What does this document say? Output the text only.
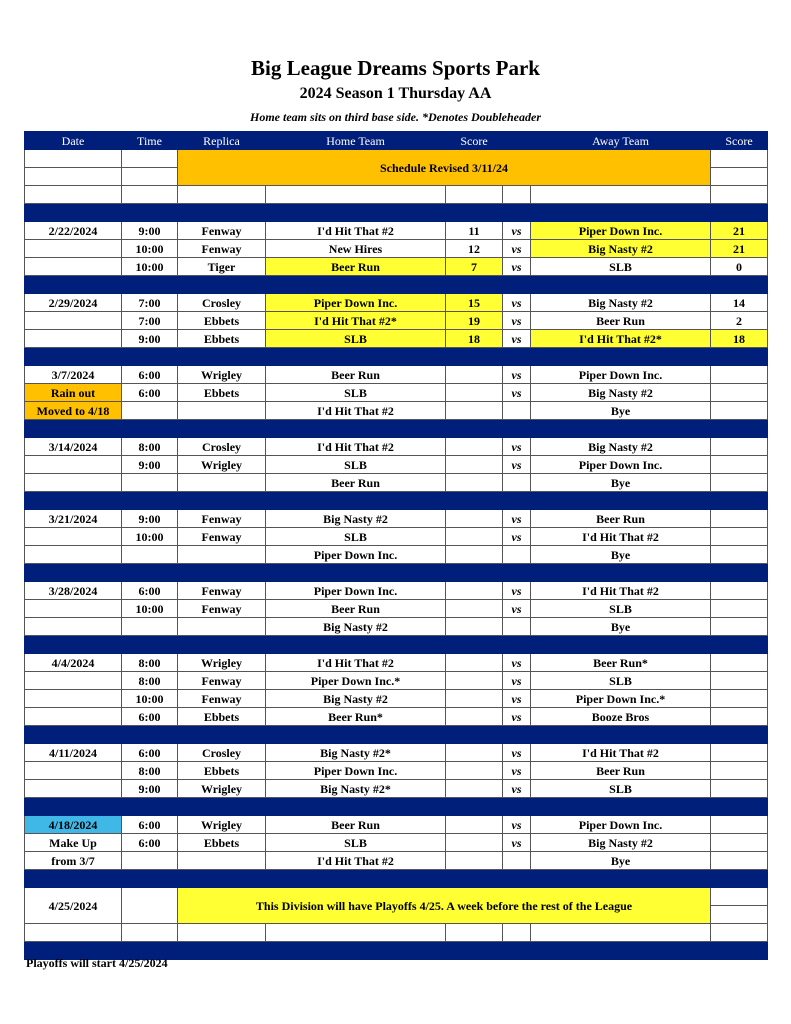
Big League Dreams Sports Park
2024 Season 1 Thursday AA
Home team sits on third base side. *Denotes Doubleheader
Date	Time	Replica	Home Team	Score		Away Team	Score
		Schedule Revised 3/11/24					

2/22/2024	9:00	Fenway	I'd Hit That #2	11	vs	Piper Down Inc.	21
	10:00	Fenway	New Hires	12	vs	Big Nasty #2	21
	10:00	Tiger	Beer Run	7	vs	SLB	0

2/29/2024	7:00	Crosley	Piper Down Inc.	15	vs	Big Nasty #2	14
	7:00	Ebbets	I'd Hit That #2*	19	vs	Beer Run	2
	9:00	Ebbets	SLB	18	vs	I'd Hit That #2*	18

3/7/2024	6:00	Wrigley	Beer Run		vs	Piper Down Inc.	
Rain out	6:00	Ebbets	SLB		vs	Big Nasty #2	
Moved to 4/18			I'd Hit That #2			Bye	

3/14/2024	8:00	Crosley	I'd Hit That #2		vs	Big Nasty #2	
	9:00	Wrigley	SLB		vs	Piper Down Inc.	
			Beer Run			Bye	

3/21/2024	9:00	Fenway	Big Nasty #2		vs	Beer Run	
	10:00	Fenway	SLB		vs	I'd Hit That #2	
			Piper Down Inc.			Bye	

3/28/2024	6:00	Fenway	Piper Down Inc.		vs	I'd Hit That #2	
	10:00	Fenway	Beer Run		vs	SLB	
			Big Nasty #2			Bye	

4/4/2024	8:00	Wrigley	I'd Hit That #2		vs	Beer Run*	
	8:00	Fenway	Piper Down Inc.*		vs	SLB	
	10:00	Fenway	Big Nasty #2		vs	Piper Down Inc.*	
	6:00	Ebbets	Beer Run*		vs	Booze Bros	

4/11/2024	6:00	Crosley	Big Nasty #2*		vs	I'd Hit That #2	
	8:00	Ebbets	Piper Down Inc.		vs	Beer Run	
	9:00	Wrigley	Big Nasty #2*		vs	SLB	

4/18/2024	6:00	Wrigley	Beer Run		vs	Piper Down Inc.	
Make Up	6:00	Ebbets	SLB		vs	Big Nasty #2	
from 3/7			I'd Hit That #2			Bye	

4/25/2024		This Division will have Playoffs 4/25. A week before the rest of the League					

Playoffs will start 4/25/2024
